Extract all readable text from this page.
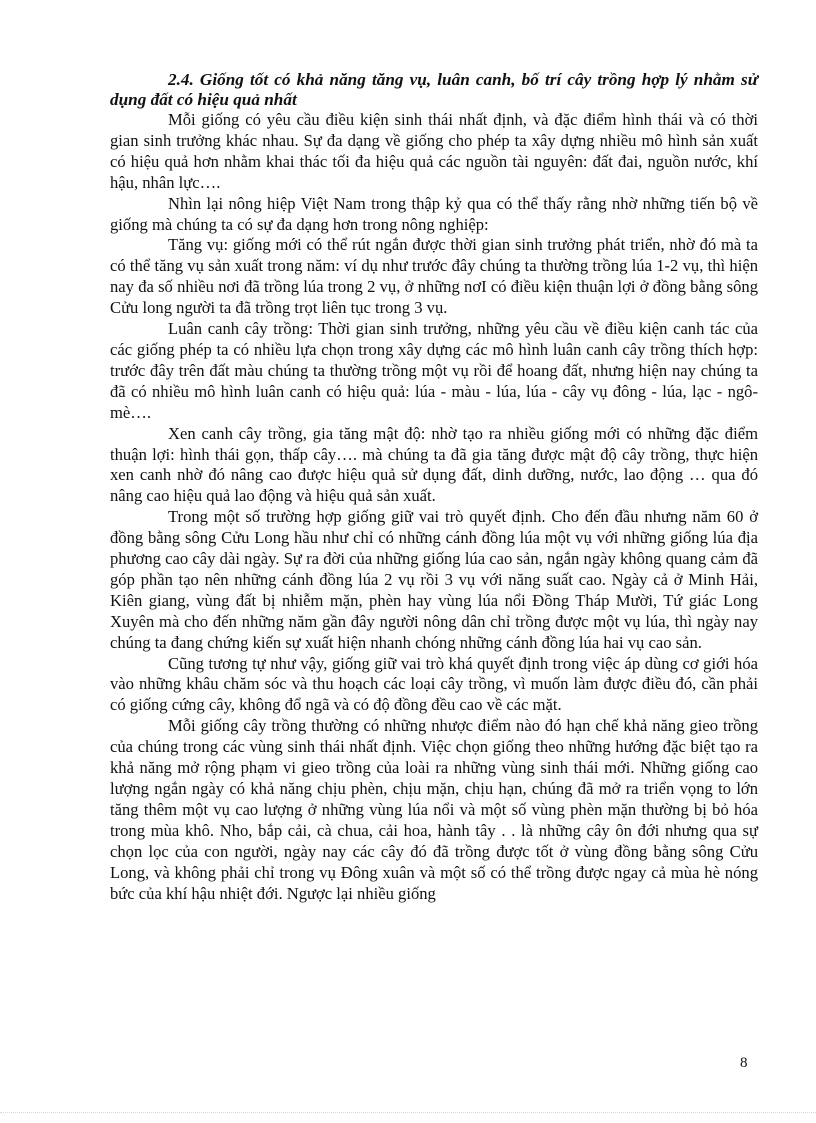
2.4. Giống tốt có khả năng tăng vụ, luân canh, bố trí cây trồng hợp lý nhằm sử dụng đất có hiệu quả nhất

Mỗi giống có yêu cầu điều kiện sinh thái nhất định, và đặc điểm hình thái và có thời gian sinh trưởng khác nhau. Sự đa dạng về giống cho phép ta xây dựng nhiều mô hình sản xuất có hiệu quả hơn nhằm khai thác tối đa hiệu quả các nguồn tài nguyên: đất đai, nguồn nước, khí hậu, nhân lực….

Nhìn lại nông hiệp Việt Nam trong thập kỷ qua có thể thấy rằng nhờ những tiến bộ về giống mà chúng ta có sự đa dạng hơn trong nông nghiệp:

Tăng vụ: giống mới có thể rút ngắn được thời gian sinh trưởng phát triển, nhờ đó mà ta có thể tăng vụ sản xuất trong năm: ví dụ như trước đây chúng ta thường trồng lúa 1-2 vụ, thì hiện nay đa số nhiều nơi đã trồng lúa trong 2 vụ, ở những nơI có điều kiện thuận lợi ở đồng bằng sông Cửu long người ta đã trồng trọt liên tục trong 3 vụ.

Luân canh cây trồng: Thời gian sinh trưởng, những yêu cầu về điều kiện canh tác của các giống phép ta có nhiều lựa chọn trong xây dựng các mô hình luân canh cây trồng thích hợp: trước đây trên đất màu chúng ta thường trồng một vụ rồi để hoang đất, nhưng hiện nay chúng ta đã có nhiều mô hình luân canh có hiệu quả: lúa - màu - lúa, lúa - cây vụ đông - lúa, lạc - ngô- mè….

Xen canh cây trồng, gia tăng mật độ: nhờ tạo ra nhiều giống mới có những đặc điểm thuận lợi: hình thái gọn, thấp cây…. mà chúng ta đã gia tăng được mật độ cây trồng, thực hiện xen canh nhờ đó nâng cao được hiệu quả sử dụng đất, dinh dưỡng, nước, lao động … qua đó nâng cao hiệu quả lao động và hiệu quả sản xuất.

Trong một số trường hợp giống giữ vai trò quyết định. Cho đến đầu nhưng năm 60 ở đồng bằng sông Cửu Long hầu như chỉ có những cánh đồng lúa một vụ với những giống lúa địa phương cao cây dài ngày. Sự ra đời của những giống lúa cao sản, ngắn ngày không quang cảm đã góp phần tạo nên những cánh đồng lúa 2 vụ rồi 3 vụ với năng suất cao. Ngày cả ở Minh Hải, Kiên giang, vùng đất bị nhiễm mặn, phèn hay vùng lúa nổi Đồng Tháp Mười, Tứ giác Long Xuyên mà cho đến những năm gần đây người nông dân chỉ trồng được một vụ lúa, thì ngày nay chúng ta đang chứng kiến sự xuất hiện nhanh chóng những cánh đồng lúa hai vụ cao sản.

Cũng tương tự như vậy, giống giữ vai trò khá quyết định trong việc áp dùng cơ giới hóa vào những khâu chăm sóc và thu hoạch các loại cây trồng, vì muốn làm được điều đó, cần phải có giống cứng cây, không đổ ngã và có độ đồng đều cao về các mặt.

Mỗi giống cây trồng thường có những nhược điểm nào đó hạn chế khả năng gieo trồng của chúng trong các vùng sinh thái nhất định. Việc chọn giống theo những hướng đặc biệt tạo ra khả năng mở rộng phạm vi gieo trồng của loài ra những vùng sinh thái mới. Những giống cao lượng ngắn ngày có khả năng chịu phèn, chịu mặn, chịu hạn, chúng đã mở ra triển vọng to lớn tăng thêm một vụ cao lượng ở những vùng lúa nổi và một số vùng phèn mặn thường bị bỏ hóa trong mùa khô. Nho, bắp cải, cà chua, cải hoa, hành tây . . là những cây ôn đới nhưng qua sự chọn lọc của con người, ngày nay các cây đó đã trồng được tốt ở vùng đồng bằng sông Cửu Long, và không phải chỉ trong vụ Đông xuân và một số có thể trồng được ngay cả mùa hè nóng bức của khí hậu nhiệt đới. Ngược lại nhiều giống

8
